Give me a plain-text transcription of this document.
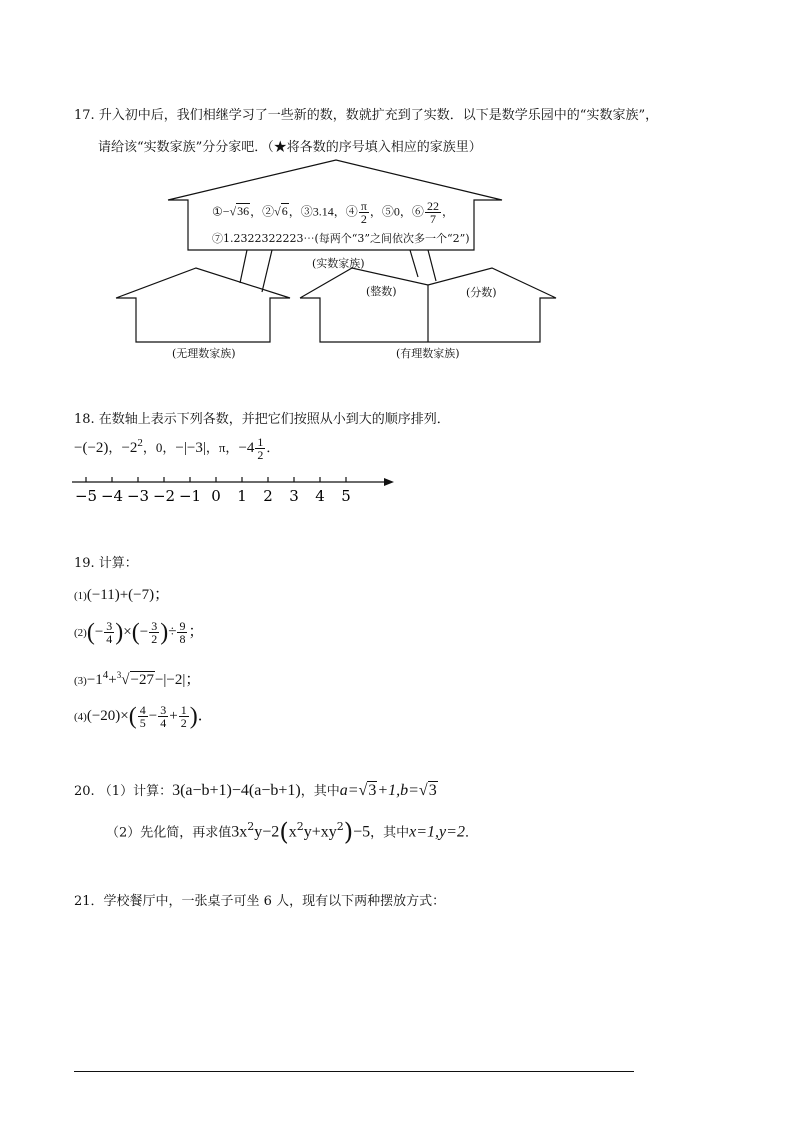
17. 升入初中后，我们相继学习了一些新的数，数就扩充到了实数．以下是数学乐园中的“实数家族”，
请给该“实数家族”分分家吧．（★将各数的序号填入相应的家族里）
①−√36，②√6，③3.14，④ $\frac{\pi}{2}$ ，⑤0，⑥ $\frac{22}{7}$ ，
⑦1.2322322223⋯(每两个“3”之间依次多一个“2”)
(实数家族)
(整数)	(分数)
(无理数家族)	(有理数家族)
18. 在数轴上表示下列各数，并把它们按照从小到大的顺序排列．
−(−2)，$-2^2$，0，−|−3|，π，$-4 \frac{1}{2}$ ．
−5 −4 −3 −2 −1 0 1 2 3 4 5
19. 计算：
(1)(−11)+(−7)；
$(2)(- \frac{3}{4}$ )×(− $\frac{3}{2}$ )÷ $\frac{9}{8}$ ；
$(3)-1^4+^3√-27-|-2|$；
$(4)(-20)\times( \frac{4}{5} - \frac{3}{4} + \frac{1}{2}$ )．
20. （1）计算：3(a−b+1)−4(a−b+1)，其中a=√3+1,b=√3
（2）先化简，再求值$3x^2y-2(x^2y+xy^2)-5$，其中x=1,y=2．
21．学校餐厅中，一张桌子可坐 6 人，现有以下两种摆放方式：
